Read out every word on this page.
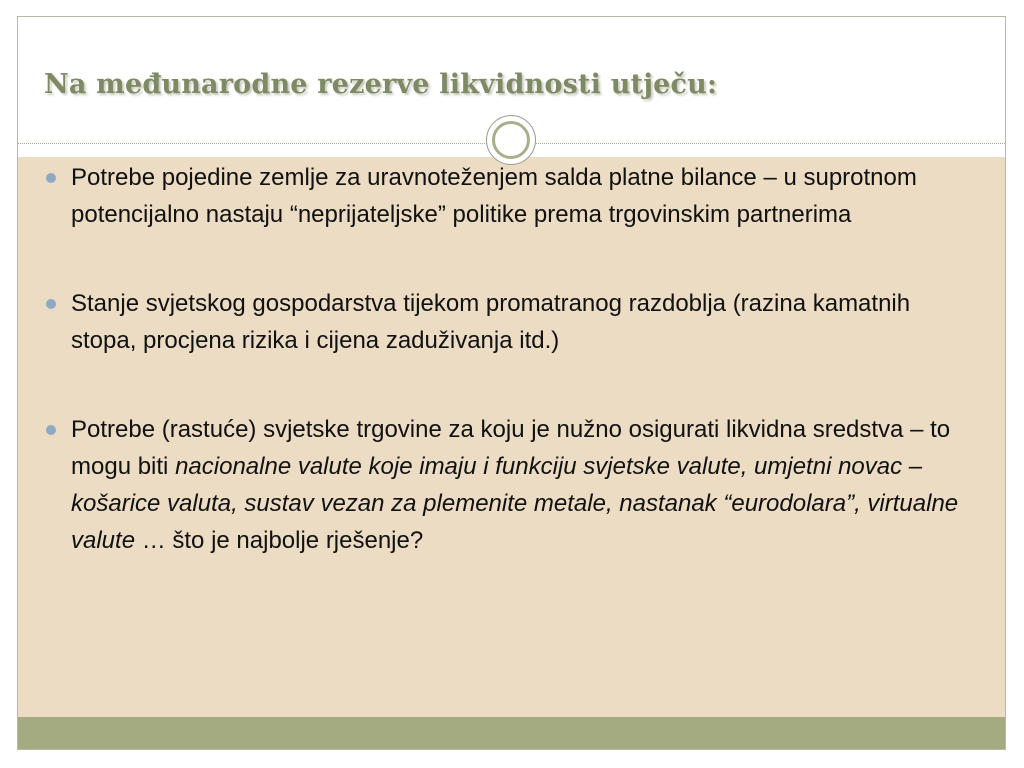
Na međunarodne rezerve likvidnosti utječu:
Potrebe pojedine zemlje za uravnoteženjem salda platne bilance – u suprotnom potencijalno nastaju “neprijateljske” politike prema trgovinskim partnerima
Stanje svjetskog gospodarstva tijekom promatranog razdoblja (razina kamatnih stopa, procjena rizika i cijena zaduživanja itd.)
Potrebe (rastuće) svjetske trgovine za koju je nužno osigurati likvidna sredstva – to mogu biti nacionalne valute koje imaju i funkciju svjetske valute, umjetni novac – košarice valuta, sustav vezan za plemenite metale, nastanak “eurodolara”, virtualne valute … što je najbolje rješenje?
